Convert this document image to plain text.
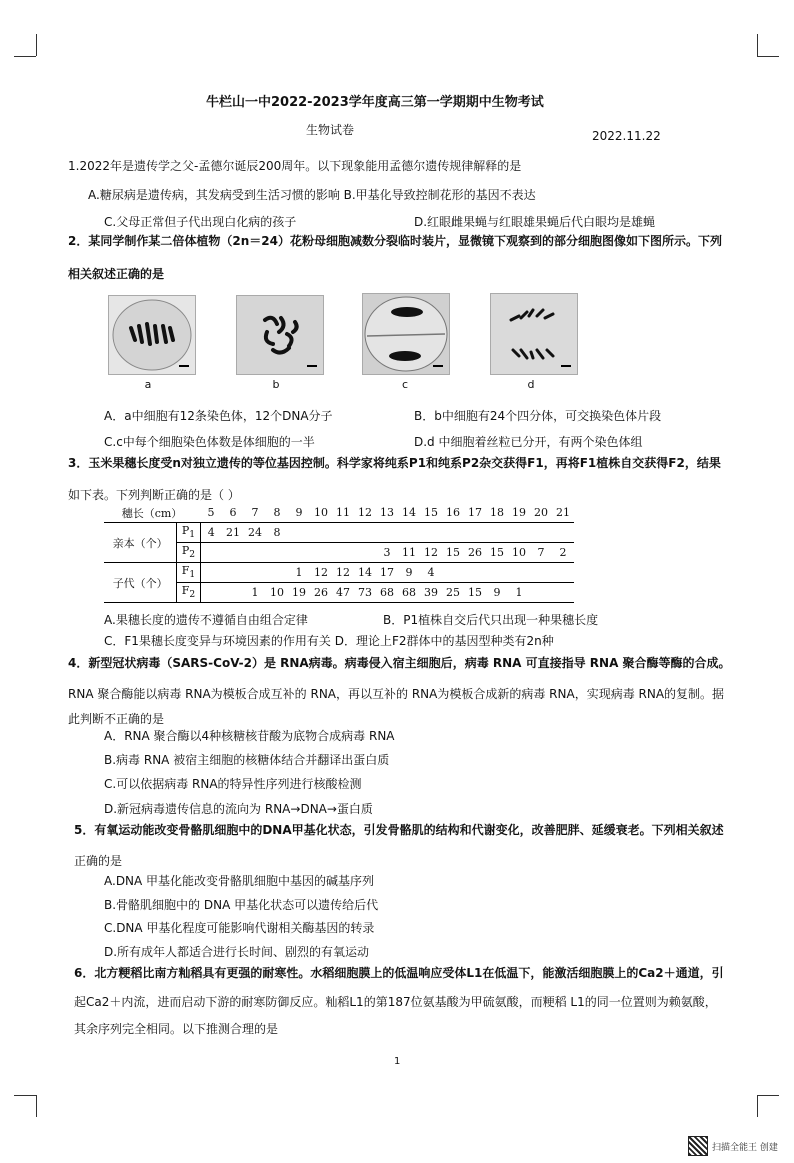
牛栏山一中2022-2023学年度高三第一学期期中生物考试
生物试卷	2022.11.22
1.2022年是遗传学之父-孟德尔诞辰200周年。以下现象能用孟德尔遗传规律解释的是
A.糖尿病是遗传病，其发病受到生活习惯的影响 B.甲基化导致控制花形的基因不表达
C.父母正常但子代出现白化病的孩子	D.红眼雌果蝇与红眼雄果蝇后代白眼均是雄蝇
2．某同学制作某二倍体植物（2n＝24）花粉母细胞减数分裂临时装片，显微镜下观察到的部分细胞图像如下图所示。下列
相关叙述正确的是
a	b	c	d
A．a中细胞有12条染色体，12个DNA分子	B．b中细胞有24个四分体，可交换染色体片段
C.c中每个细胞染色体数是体细胞的一半	D.d 中细胞着丝粒已分开，有两个染色体组
3．玉米果穗长度受n对独立遗传的等位基因控制。科学家将纯系P1和纯系P2杂交获得F1，再将F1植株自交获得F2，结果
如下表。下列判断正确的是（ ）
穗长（cm）		5	6	7	8	9	10	11	12	13	14	15	16	17	18	19	20	21
亲本（个）	$P_1$	4	21	24	8													
	$P_2$									3	11	12	15	26	15	10	7	2
子代（个）	$F_1$					1	12	12	14	17	9	4						
	$F_2$			1	10	19	26	47	73	68	68	39	25	15	9	1		
A.果穗长度的遗传不遵循自由组合定律	B．P1植株自交后代只出现一种果穗长度
C．F1果穗长度变异与环境因素的作用有关 D．理论上F2群体中的基因型种类有2n种
4．新型冠状病毒（SARS-CoV-2）是 RNA病毒。病毒侵入宿主细胞后，病毒 RNA 可直接指导 RNA 聚合酶等酶的合成。
RNA 聚合酶能以病毒 RNA为模板合成互补的 RNA，再以互补的 RNA为模板合成新的病毒 RNA，实现病毒 RNA的复制。据
此判断不正确的是
A．RNA 聚合酶以4种核糖核苷酸为底物合成病毒 RNA
B.病毒 RNA 被宿主细胞的核糖体结合并翻译出蛋白质
C.可以依据病毒 RNA的特异性序列进行核酸检测
D.新冠病毒遗传信息的流向为 RNA→DNA→蛋白质
5．有氧运动能改变骨骼肌细胞中的DNA甲基化状态，引发骨骼肌的结构和代谢变化，改善肥胖、延缓衰老。下列相关叙述
正确的是
A.DNA 甲基化能改变骨骼肌细胞中基因的碱基序列
B.骨骼肌细胞中的 DNA 甲基化状态可以遗传给后代
C.DNA 甲基化程度可能影响代谢相关酶基因的转录
D.所有成年人都适合进行长时间、剧烈的有氧运动
6．北方粳稻比南方籼稻具有更强的耐寒性。水稻细胞膜上的低温响应受体L1在低温下，能激活细胞膜上的Ca2＋通道，引
起Ca2＋内流，进而启动下游的耐寒防御反应。籼稻L1的第187位氨基酸为甲硫氨酸，而粳稻 L1的同一位置则为赖氨酸，
其余序列完全相同。以下推测合理的是
1
扫描全能王 创建
